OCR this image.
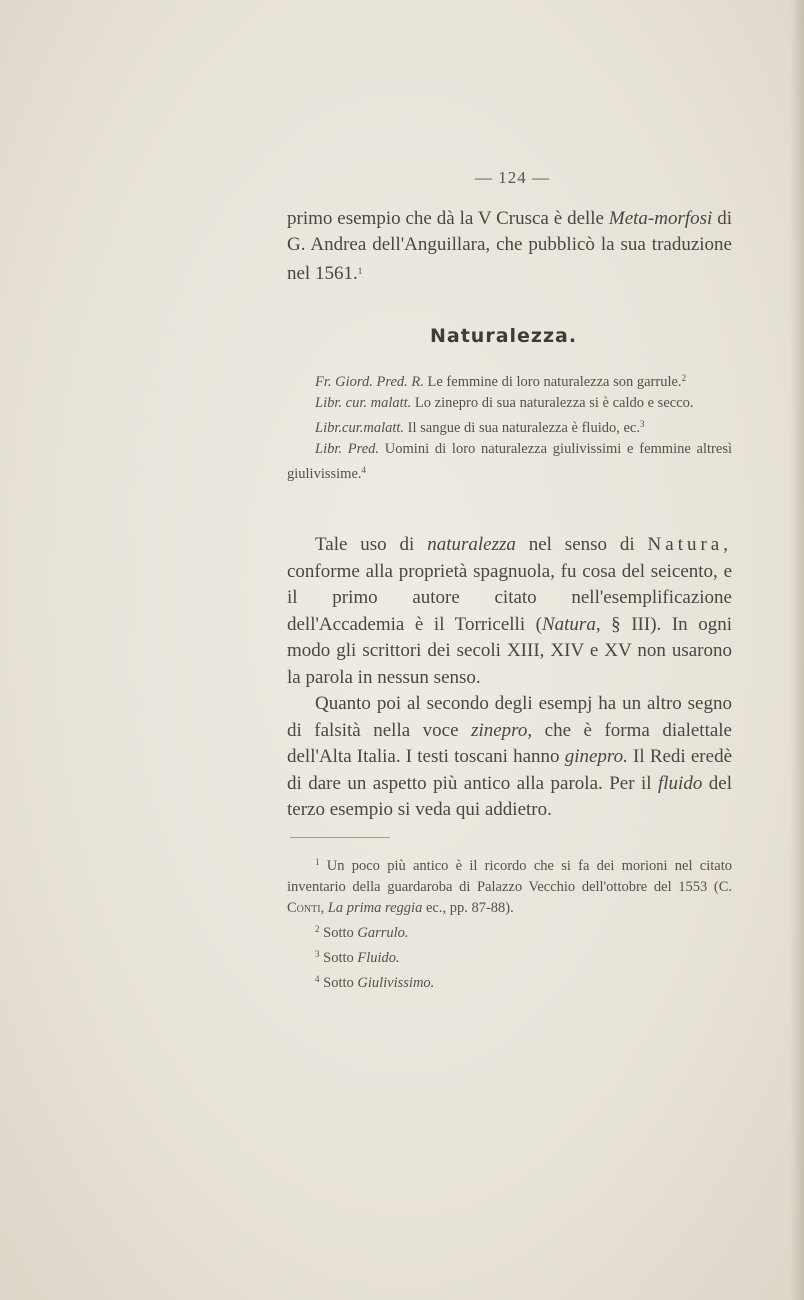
— 124 —

primo esempio che dà la V Crusca è delle Meta-morfosi di G. Andrea dell'Anguillara, che pubblicò la sua traduzione nel 1561.$^1$

Naturalezza.

Fr. Giord. Pred. R. Le femmine di loro naturalezza son garrule.$^2$

Libr. cur. malatt. Lo zinepro di sua naturalezza si è caldo e secco.

Libr.cur.malatt. Il sangue di sua naturalezza è fluido, ec.$^3$

Libr. Pred. Uomini di loro naturalezza giulivissimi e femmine altresì giulivissime.$^4$

Tale uso di naturalezza nel senso di Natura, conforme alla proprietà spagnuola, fu cosa del seicento, e il primo autore citato nell'esemplificazione dell'Accademia è il Torricelli (Natura, § III). In ogni modo gli scrittori dei secoli XIII, XIV e XV non usarono la parola in nessun senso.

Quanto poi al secondo degli esempj ha un altro segno di falsità nella voce zinepro, che è forma dialettale dell'Alta Italia. I testi toscani hanno ginepro. Il Redi eredè di dare un aspetto più antico alla parola. Per il fluido del terzo esempio si veda qui addietro.

$^1$ Un poco più antico è il ricordo che si fa dei morioni nel citato inventario della guardaroba di Palazzo Vecchio dell'ottobre del 1553 (C. Conti, La prima reggia ec., pp. 87-88).

$^2$ Sotto Garrulo.

$^3$ Sotto Fluido.

$^4$ Sotto Giulivissimo.
